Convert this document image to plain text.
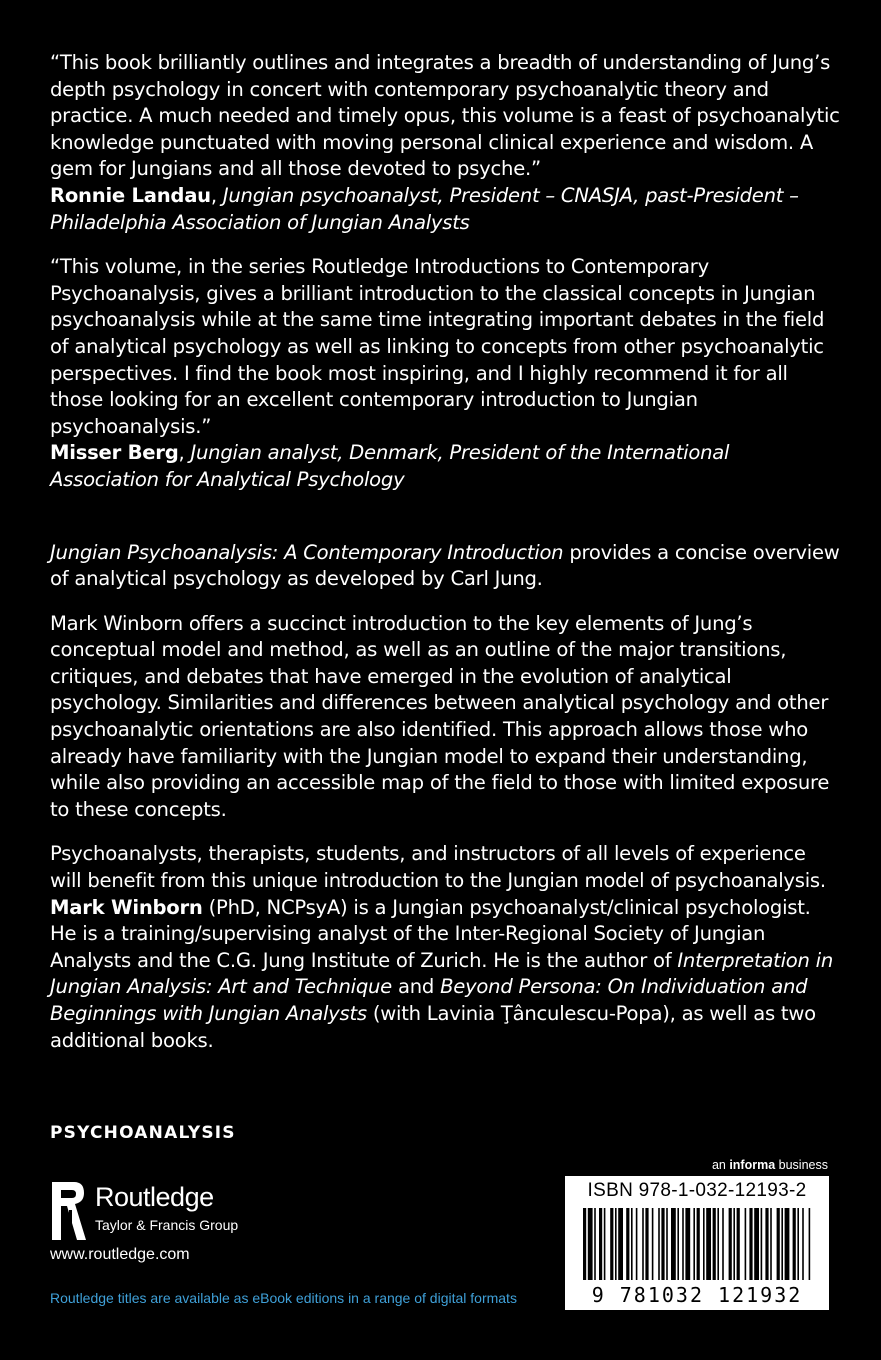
“This book brilliantly outlines and integrates a breadth of understanding of Jung’s depth psychology in concert with contemporary psychoanalytic theory and practice. A much needed and timely opus, this volume is a feast of psychoanalytic knowledge punctuated with moving personal clinical experience and wisdom. A gem for Jungians and all those devoted to psyche.”

Ronnie Landau, Jungian psychoanalyst, President – CNASJA, past-President – Philadelphia Association of Jungian Analysts

“This volume, in the series Routledge Introductions to Contemporary Psychoanalysis, gives a brilliant introduction to the classical concepts in Jungian psychoanalysis while at the same time integrating important debates in the field of analytical psychology as well as linking to concepts from other psychoanalytic perspectives. I find the book most inspiring, and I highly recommend it for all those looking for an excellent contemporary introduction to Jungian psychoanalysis.”

Misser Berg, Jungian analyst, Denmark, President of the International Association for Analytical Psychology

Jungian Psychoanalysis: A Contemporary Introduction provides a concise overview of analytical psychology as developed by Carl Jung.

Mark Winborn offers a succinct introduction to the key elements of Jung’s conceptual model and method, as well as an outline of the major transitions, critiques, and debates that have emerged in the evolution of analytical psychology. Similarities and differences between analytical psychology and other psychoanalytic orientations are also identified. This approach allows those who already have familiarity with the Jungian model to expand their understanding, while also providing an accessible map of the field to those with limited exposure to these concepts.

Psychoanalysts, therapists, students, and instructors of all levels of experience will benefit from this unique introduction to the Jungian model of psychoanalysis.

Mark Winborn (PhD, NCPsyA) is a Jungian psychoanalyst/clinical psychologist. He is a training/supervising analyst of the Inter-Regional Society of Jungian Analysts and the C.G. Jung Institute of Zurich. He is the author of Interpretation in Jungian Analysis: Art and Technique and Beyond Persona: On Individuation and Beginnings with Jungian Analysts (with Lavinia Ţânculescu-Popa), as well as two additional books.

PSYCHOANALYSIS
Routledge
Taylor & Francis Group
www.routledge.com
Routledge titles are available as eBook editions in a range of digital formats
an informa business
ISBN 978-1-032-12193-2
9 781032 121932
